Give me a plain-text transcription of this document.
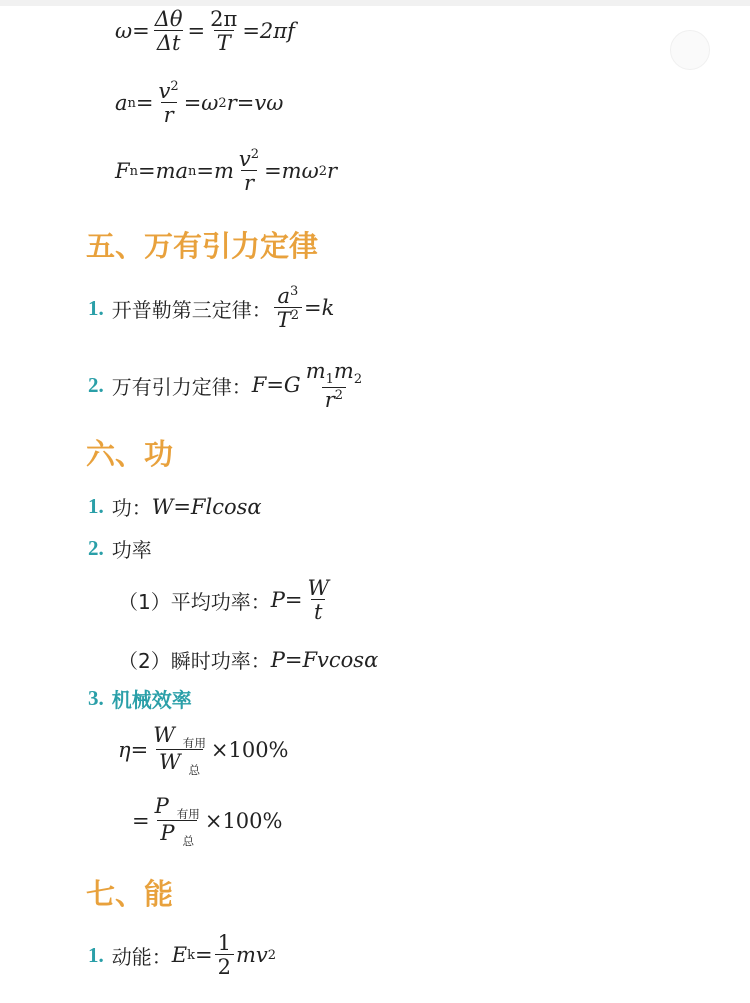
$\omega= \frac{\Delta\theta}{\Delta t} = \frac{2\pi}{T} =2\pi f$
a $n = \frac{v^2}{r} =\omega$ 2 r=vω
F n =ma $n =m \frac{v^2}{r} =m\omega$ 2 r
五、万有引力定律
1. 开普勒第三定律： $\frac{a^3}{T^2} =k$
2. 万有引力定律： $F=G \frac{m_1m_2}{r^2}$
六、功
1. 功： W=Flcosα
2. 功率
（1）平均功率： $P= \frac{W}{t}$
（2）瞬时功率： P=Fvcosα
3. 机械效率
$\eta= \frac{W _{有用}}{W _总} \times 100\%$
= $\frac{P _{有用}}{P _总} \times 100\%$
七、能
1. 动能： E $k = \frac{1}{2}$ mv 2
